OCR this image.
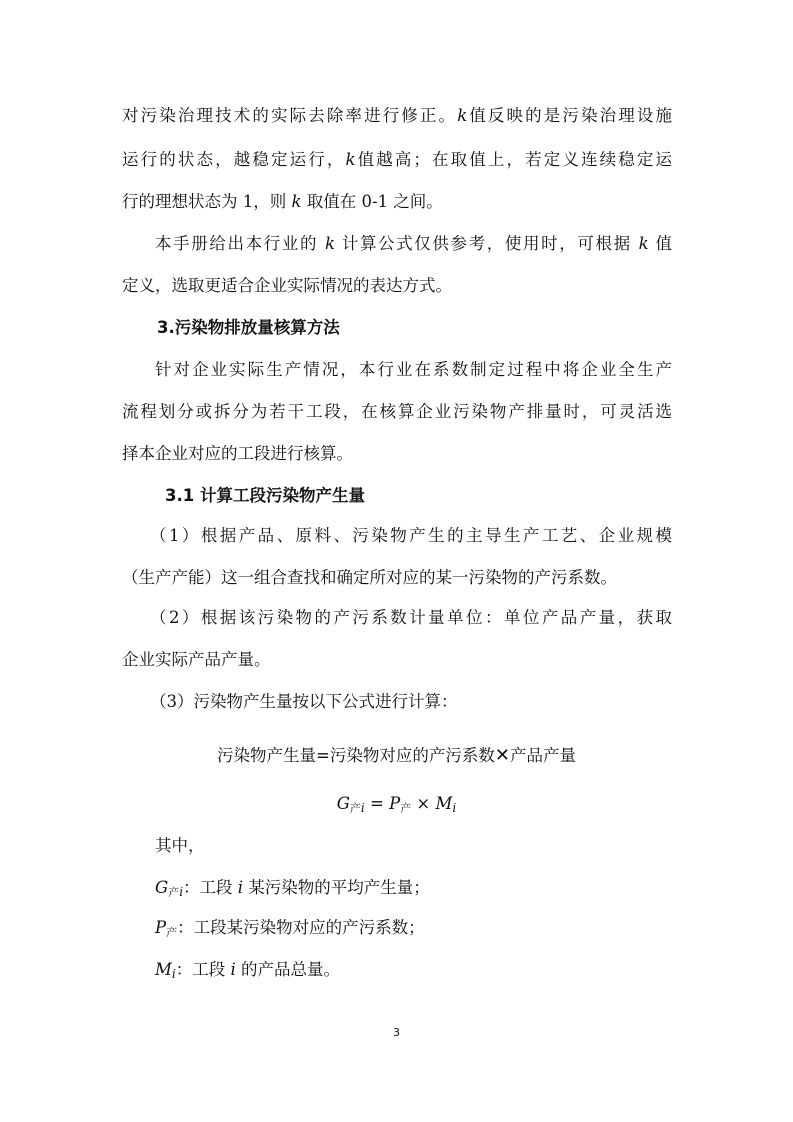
对污染治理技术的实际去除率进行修正。k值反映的是污染治理设施
运行的状态，越稳定运行，k值越高；在取值上，若定义连续稳定运
行的理想状态为 1，则 k 取值在 0-1 之间。
本手册给出本行业的 k 计算公式仅供参考，使用时，可根据 k 值
定义，选取更适合企业实际情况的表达方式。
3.污染物排放量核算方法
针对企业实际生产情况，本行业在系数制定过程中将企业全生产
流程划分或拆分为若干工段，在核算企业污染物产排量时，可灵活选
择本企业对应的工段进行核算。
3.1 计算工段污染物产生量
（1）根据产品、原料、污染物产生的主导生产工艺、企业规模
（生产产能）这一组合查找和确定所对应的某一污染物的产污系数。
（2）根据该污染物的产污系数计量单位：单位产品产量，获取
企业实际产品产量。
（3）污染物产生量按以下公式进行计算：
污染物产生量=污染物对应的产污系数✕产品产量
$G_{产i} = P_产 \times M_i$
其中，
$G_{产i}$：工段 i 某污染物的平均产生量；
$P_产$：工段某污染物对应的产污系数；
$M_i$：工段 i 的产品总量。
3
